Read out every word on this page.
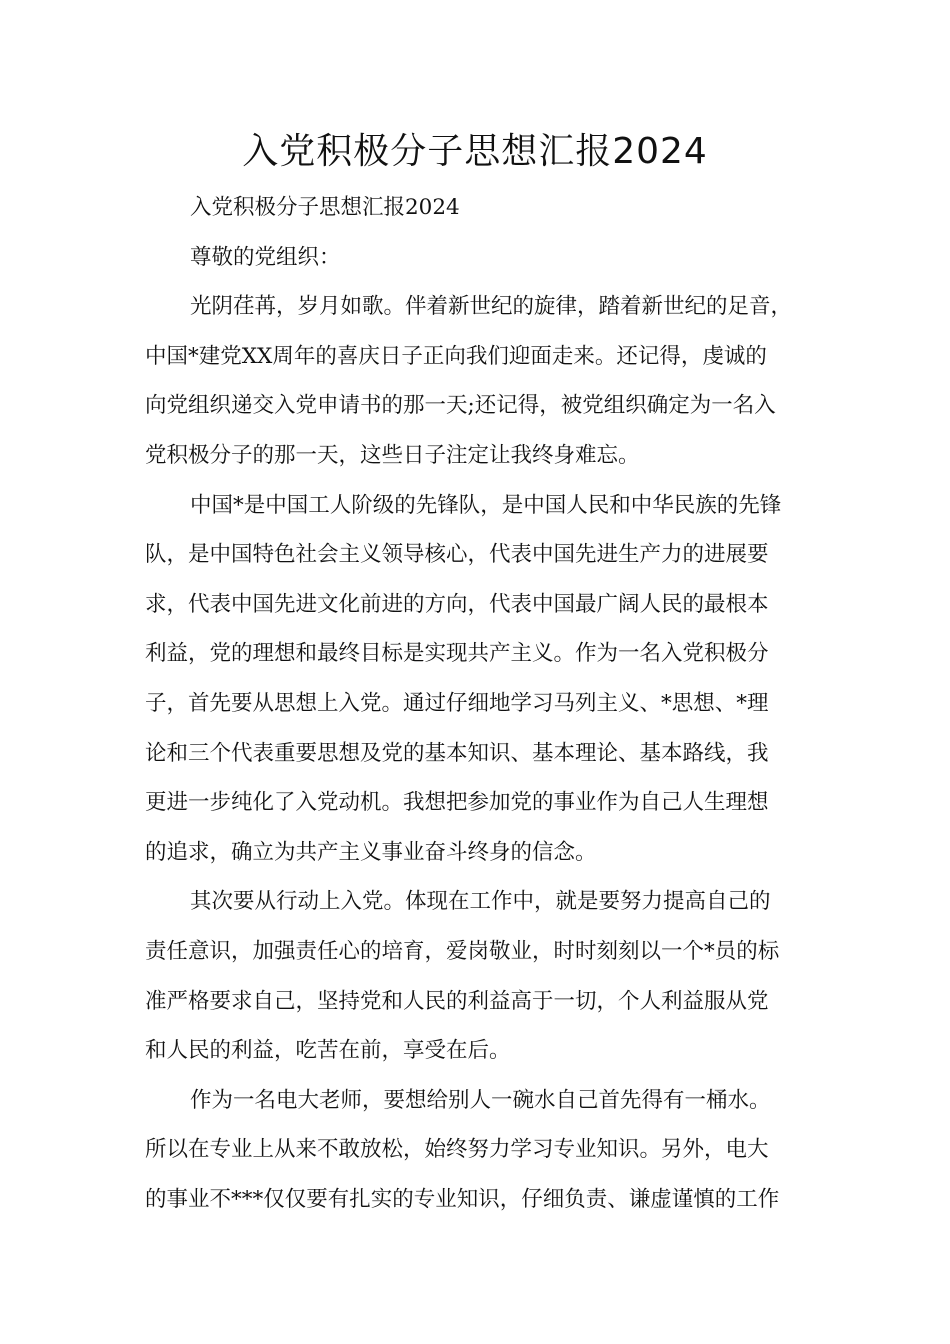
入党积极分子思想汇报2024
入党积极分子思想汇报2024
尊敬的党组织：
光阴荏苒，岁月如歌。伴着新世纪的旋律，踏着新世纪的足音，
中国*建党XX周年的喜庆日子正向我们迎面走来。还记得，虔诚的
向党组织递交入党申请书的那一天;还记得，被党组织确定为一名入
党积极分子的那一天，这些日子注定让我终身难忘。
中国*是中国工人阶级的先锋队，是中国人民和中华民族的先锋
队，是中国特色社会主义领导核心，代表中国先进生产力的进展要
求，代表中国先进文化前进的方向，代表中国最广阔人民的最根本
利益，党的理想和最终目标是实现共产主义。作为一名入党积极分
子，首先要从思想上入党。通过仔细地学习马列主义、*思想、*理
论和三个代表重要思想及党的基本知识、基本理论、基本路线，我
更进一步纯化了入党动机。我想把参加党的事业作为自己人生理想
的追求，确立为共产主义事业奋斗终身的信念。
其次要从行动上入党。体现在工作中，就是要努力提高自己的
责任意识，加强责任心的培育，爱岗敬业，时时刻刻以一个*员的标
准严格要求自己，坚持党和人民的利益高于一切，个人利益服从党
和人民的利益，吃苦在前，享受在后。
作为一名电大老师，要想给别人一碗水自己首先得有一桶水。
所以在专业上从来不敢放松，始终努力学习专业知识。另外，电大
的事业不***仅仅要有扎实的专业知识，仔细负责、谦虚谨慎的工作
